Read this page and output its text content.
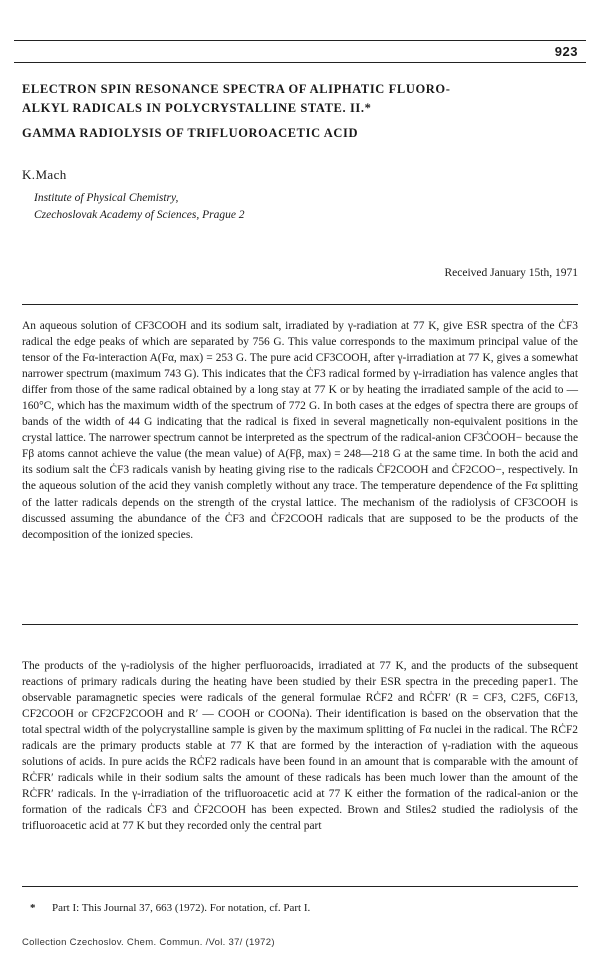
923
ELECTRON SPIN RESONANCE SPECTRA OF ALIPHATIC FLUORO-
ALKYL RADICALS IN POLYCRYSTALLINE STATE. II.*
GAMMA RADIOLYSIS OF TRIFLUOROACETIC ACID
K.Mach
Institute of Physical Chemistry,
Czechoslovak Academy of Sciences, Prague 2
Received January 15th, 1971
An aqueous solution of CF3COOH and its sodium salt, irradiated by γ-radiation at 77 K, give ESR spectra of the ĊF3 radical the edge peaks of which are separated by 756 G. This value corresponds to the maximum principal value of the tensor of the Fα-interaction A(Fα, max) = 253 G. The pure acid CF3COOH, after γ-irradiation at 77 K, gives a somewhat narrower spectrum (maximum 743 G). This indicates that the ĊF3 radical formed by γ-irradiation has valence angles that differ from those of the same radical obtained by a long stay at 77 K or by heating the irradiated sample of the acid to —160°C, which has the maximum width of the spectrum of 772 G. In both cases at the edges of spectra there are groups of bands of the width of 44 G indicating that the radical is fixed in several magnetically non-equivalent positions in the crystal lattice. The narrower spectrum cannot be interpreted as the spectrum of the radical-anion CF3ĊOOH− because the Fβ atoms cannot achieve the value (the mean value) of A(Fβ, max) = 248—218 G at the same time. In both the acid and its sodium salt the ĊF3 radicals vanish by heating giving rise to the radicals ĊF2COOH and ĊF2COO−, respectively. In the aqueous solution of the acid they vanish completly without any trace. The temperature dependence of the Fα splitting of the latter radicals depends on the strength of the crystal lattice. The mechanism of the radiolysis of CF3COOH is discussed assuming the abundance of the ĊF3 and ĊF2COOH radicals that are supposed to be the products of the decomposition of the ionized species.
The products of the γ-radiolysis of the higher perfluoroacids, irradiated at 77 K, and the products of the subsequent reactions of primary radicals during the heating have been studied by their ESR spectra in the preceding paper1. The observable paramagnetic species were radicals of the general formulae RĊF2 and RĊFR′ (R = CF3, C2F5, C6F13, CF2COOH or CF2CF2COOH and R′ — COOH or COONa). Their identification is based on the observation that the total spectral width of the polycrystalline sample is given by the maximum splitting of Fα nuclei in the radical. The RĊF2 radicals are the primary products stable at 77 K that are formed by the interaction of γ-radiation with the aqueous solutions of acids. In pure acids the RĊF2 radicals have been found in an amount that is comparable with the amount of RĊFR′ radicals while in their sodium salts the amount of these radicals has been much lower than the amount of the RĊFR′ radicals. In the γ-irradiation of the trifluoroacetic acid at 77 K either the formation of the radical-anion or the formation of the radicals ĊF3 and ĊF2COOH has been expected. Brown and Stiles2 studied the radiolysis of the trifluoroacetic acid at 77 K but they recorded only the central part
* Part I: This Journal 37, 663 (1972). For notation, cf. Part I.
Collection Czechoslov. Chem. Commun. /Vol. 37/ (1972)
